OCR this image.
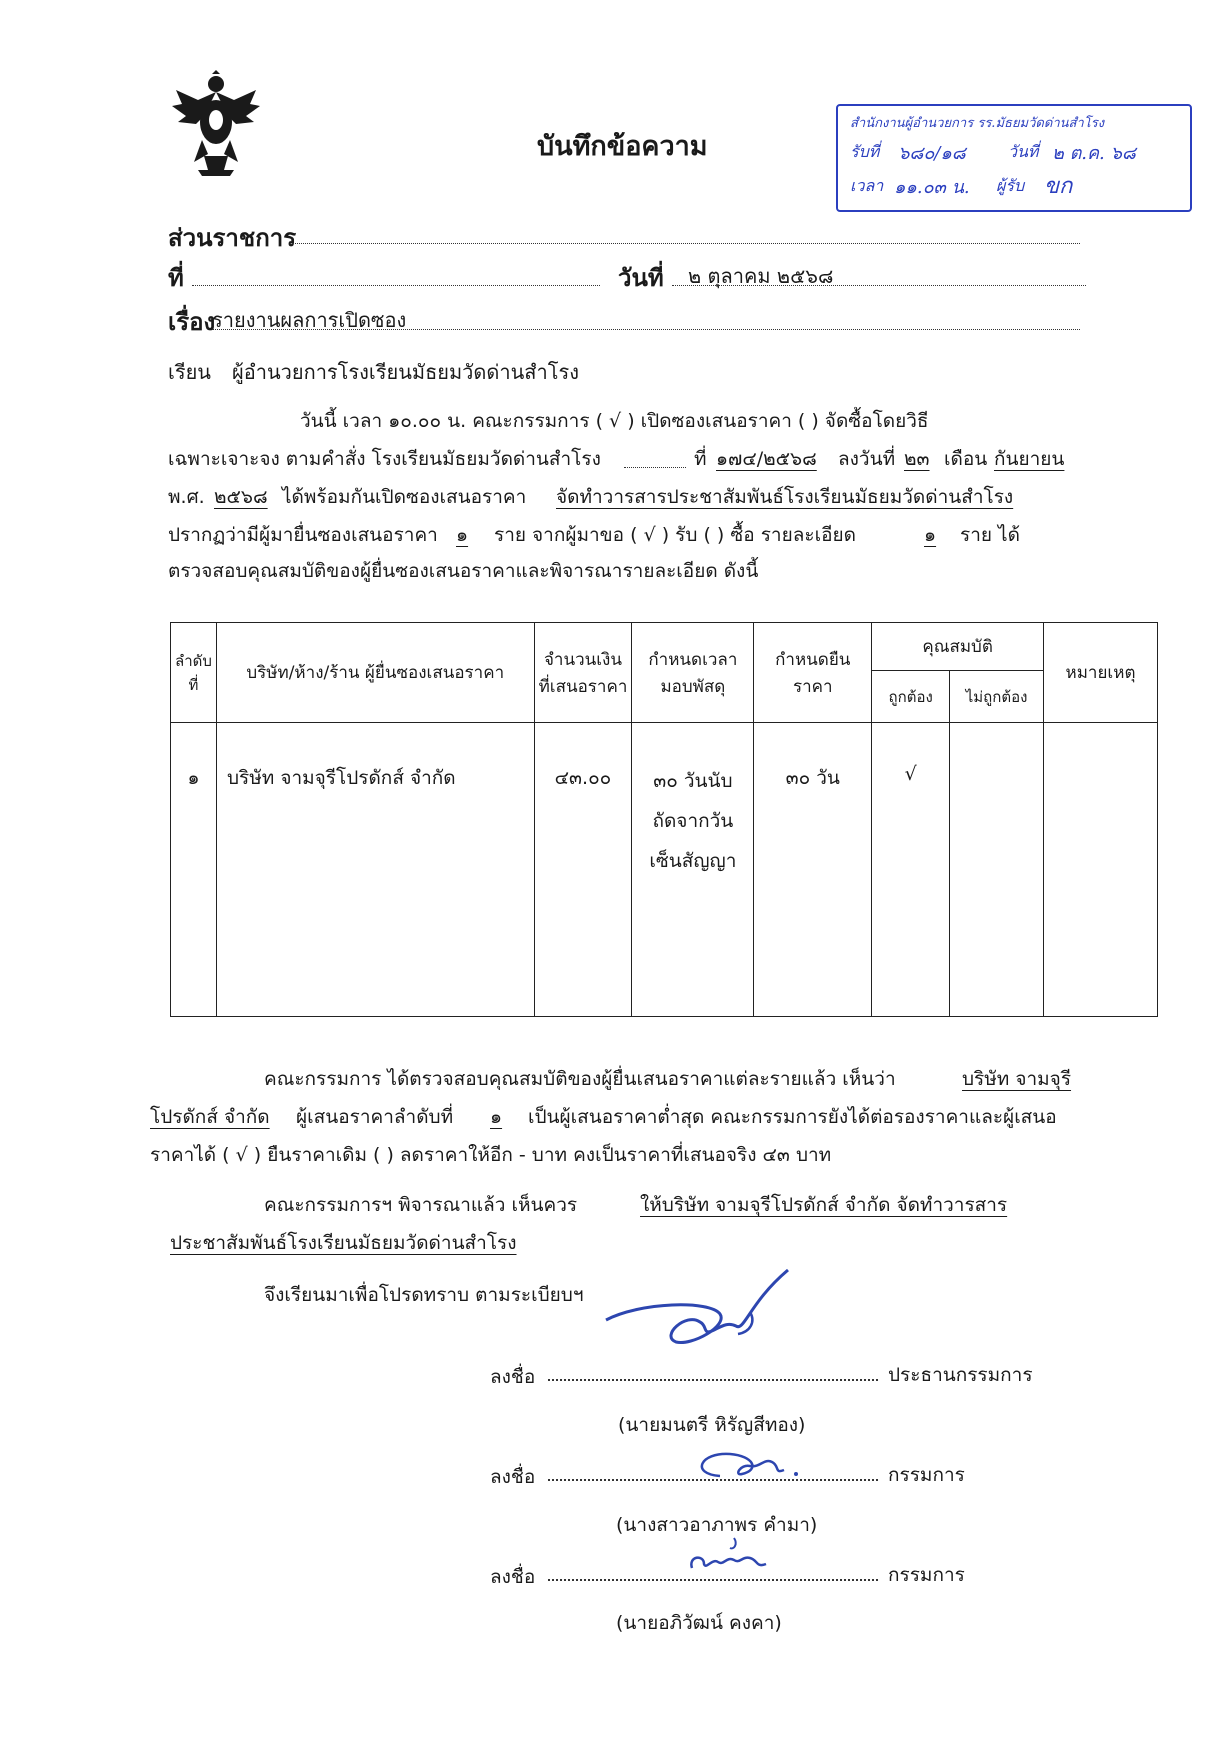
บันทึกข้อความ
สำนักงานผู้อำนวยการ รร.มัธยมวัดด่านสำโรง
รับที่ ๖๘๐/๑๘	วันที่ ๒ ต.ค. ๖๘
เวลา ๑๑.๐๓ น. ผู้รับ ขก
ส่วนราชการ
ที่	วันที่ ๒ ตุลาคม ๒๕๖๘
เรื่อง
รายงานผลการเปิดซอง
เรียน ผู้อำนวยการโรงเรียนมัธยมวัดด่านสำโรง
วันนี้ เวลา ๑๐.๐๐ น. คณะกรรมการ ( √ ) เปิดซองเสนอราคา ( ) จัดซื้อโดยวิธี
เฉพาะเจาะจง ตามคำสั่ง โรงเรียนมัธยมวัดด่านสำโรง	ที่ ๑๗๔/๒๕๖๘ ลงวันที่ ๒๓ เดือน กันยายน
พ.ศ. ๒๕๖๘ ได้พร้อมกันเปิดซองเสนอราคา จัดทำวารสารประชาสัมพันธ์โรงเรียนมัธยมวัดด่านสำโรง
ปรากฏว่ามีผู้มายื่นซองเสนอราคา ๑ ราย จากผู้มาขอ ( √ ) รับ ( ) ซื้อ รายละเอียด	๑ ราย ได้
ตรวจสอบคุณสมบัติของผู้ยื่นซองเสนอราคาและพิจารณารายละเอียด ดังนี้
ลำดับที่	บริษัท/ห้าง/ร้าน ผู้ยื่นซองเสนอราคา	จำนวนเงินที่เสนอราคา	กำหนดเวลามอบพัสดุ	กำหนดยืนราคา	คุณสมบัติ		หมายเหตุ
					ถูกต้อง	ไม่ถูกต้อง	
๑	บริษัท จามจุรีโปรดักส์ จำกัด	๔๓.๐๐	๓๐ วันนับ
ถัดจากวัน
เซ็นสัญญา	๓๐ วัน	√		
คณะกรรมการ ได้ตรวจสอบคุณสมบัติของผู้ยื่นเสนอราคาแต่ละรายแล้ว เห็นว่า	บริษัท จามจุรี
โปรดักส์ จำกัด ผู้เสนอราคาลำดับที่ ๑ เป็นผู้เสนอราคาต่ำสุด คณะกรรมการยังได้ต่อรองราคาและผู้เสนอ
ราคาได้ ( √ ) ยืนราคาเดิม ( ) ลดราคาให้อีก - บาท คงเป็นราคาที่เสนอจริง ๔๓ บาท
คณะกรรมการฯ พิจารณาแล้ว เห็นควร	ให้บริษัท จามจุรีโปรดักส์ จำกัด จัดทำวารสาร
ประชาสัมพันธ์โรงเรียนมัธยมวัดด่านสำโรง
จึงเรียนมาเพื่อโปรดทราบ ตามระเบียบฯ
ลงชื่อ	ประธานกรรมการ
(นายมนตรี หิรัญสีทอง)
ลงชื่อ	กรรมการ
(นางสาวอาภาพร คำมา)
ลงชื่อ	กรรมการ
(นายอภิวัฒน์ คงคา)
